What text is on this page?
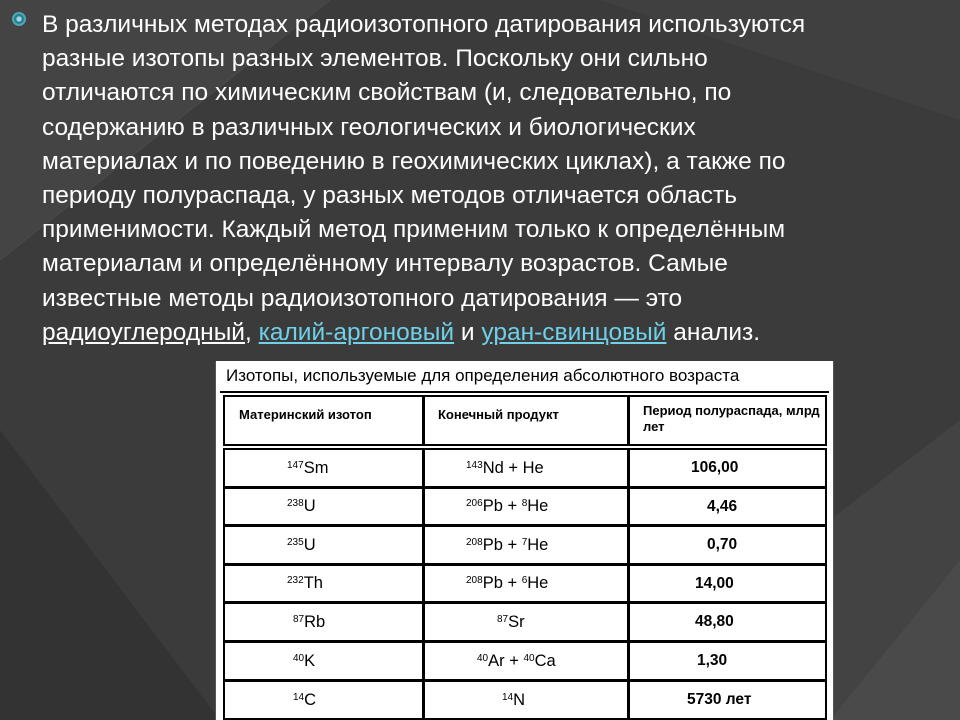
В различных методах радиоизотопного датирования используются
разные изотопы разных элементов. Поскольку они сильно
отличаются по химическим свойствам (и, следовательно, по
содержанию в различных геологических и биологических
материалах и по поведению в геохимических циклах), а также по
периоду полураспада, у разных методов отличается область
применимости. Каждый метод применим только к определённым
материалам и определённому интервалу возрастов. Самые
известные методы радиоизотопного датирования — это
радиоуглеродный, калий-аргоновый и уран-свинцовый анализ.
Изотопы, используемые для определения абсолютного возраста
Материнский изотоп	Конечный продукт	Период полураспада, млрд лет
$^{147}$ Sm	$^{143}$ Nd + He	106,00
$^{238}$ U	$^{206}$ Pb + $^8$ He	4,46
$^{235}$ U	$^{208}$ Pb + $^7$ He	0,70
$^{232}$ Th	$^{208}$ Pb + $^6$ He	14,00
$^{87}$ Rb	$^{87}$ Sr	48,80
$^{40}$ K	$^{40}$ Ar + $^{40}$ Ca	1,30
$^{14}$ C	$^{14}$ N	5730 лет
